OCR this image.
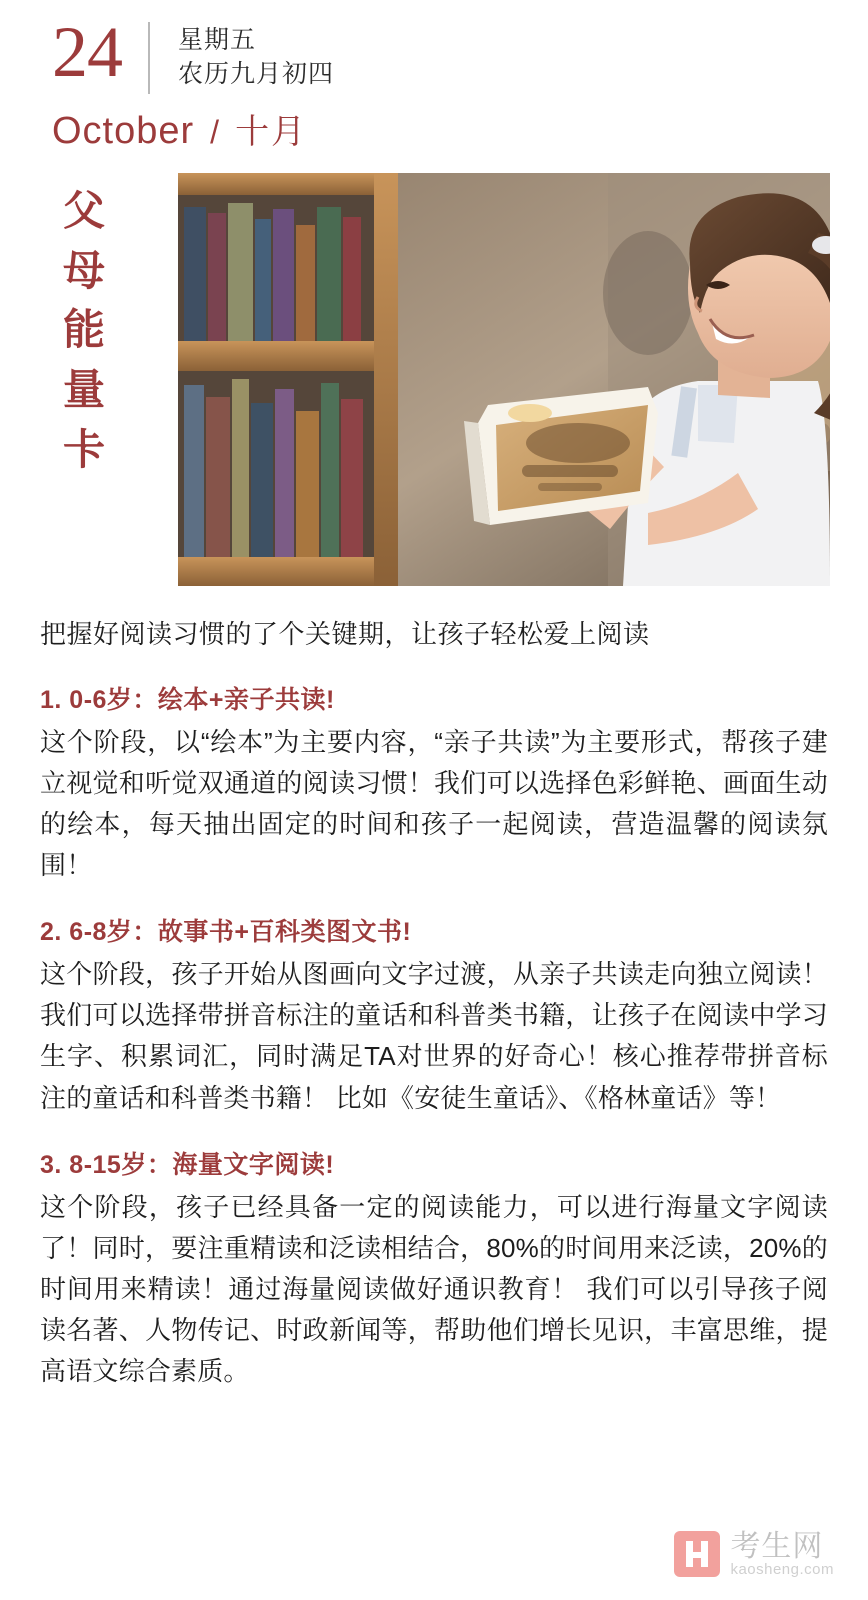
24	星期五
农历九月初四
October / 十月
父
母
能
量
卡
把握好阅读习惯的了个关键期，让孩子轻松爱上阅读
1. 0-6岁：绘本+亲子共读!
这个阶段，以“绘本”为主要内容，“亲子共读”为主要形式，帮孩子建立视觉和听觉双通道的阅读习惯！我们可以选择色彩鲜艳、画面生动的绘本，每天抽出固定的时间和孩子一起阅读，营造温馨的阅读氛围！
2. 6-8岁：故事书+百科类图文书!
这个阶段，孩子开始从图画向文字过渡，从亲子共读走向独立阅读！我们可以选择带拼音标注的童话和科普类书籍，让孩子在阅读中学习生字、积累词汇，同时满足TA对世界的好奇心！核心推荐带拼音标注的童话和科普类书籍！ 比如《安徒生童话》、《格林童话》等！
3. 8-15岁：海量文字阅读!
这个阶段，孩子已经具备一定的阅读能力，可以进行海量文字阅读了！同时，要注重精读和泛读相结合，80%的时间用来泛读，20%的时间用来精读！通过海量阅读做好通识教育！ 我们可以引导孩子阅读名著、人物传记、时政新闻等，帮助他们增长见识，丰富思维，提高语文综合素质。
考生网
kaosheng.com
